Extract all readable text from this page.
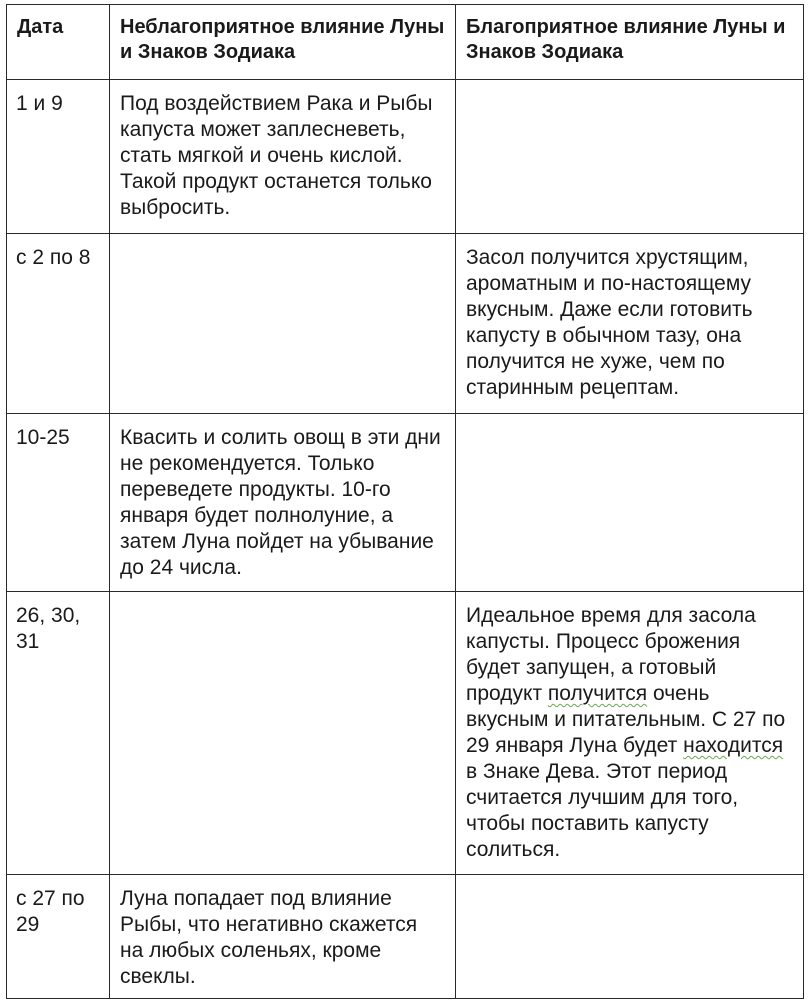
Дата	Неблагоприятное влияние Луны и Знаков Зодиака	Благоприятное влияние Луны и Знаков Зодиака
1 и 9	Под воздействием Рака и Рыбы капуста может заплесневеть, стать мягкой и очень кислой. Такой продукт останется только выбросить.	
с 2 по 8		Засол получится хрустящим, ароматным и по-настоящему вкусным. Даже если готовить капусту в обычном тазу, она получится не хуже, чем по старинным рецептам.
10-25	Квасить и солить овощ в эти дни не рекомендуется. Только переведете продукты. 10-го января будет полнолуние, а затем Луна пойдет на убывание до 24 числа.	
26, 30, 31		Идеальное время для засола капусты. Процесс брожения будет запущен, а готовый продукт получится очень вкусным и питательным. С 27 по 29 января Луна будет находится в Знаке Дева. Этот период считается лучшим для того, чтобы поставить капусту солиться.
с 27 по 29	Луна попадает под влияние Рыбы, что негативно скажется на любых соленьях, кроме свеклы.	
